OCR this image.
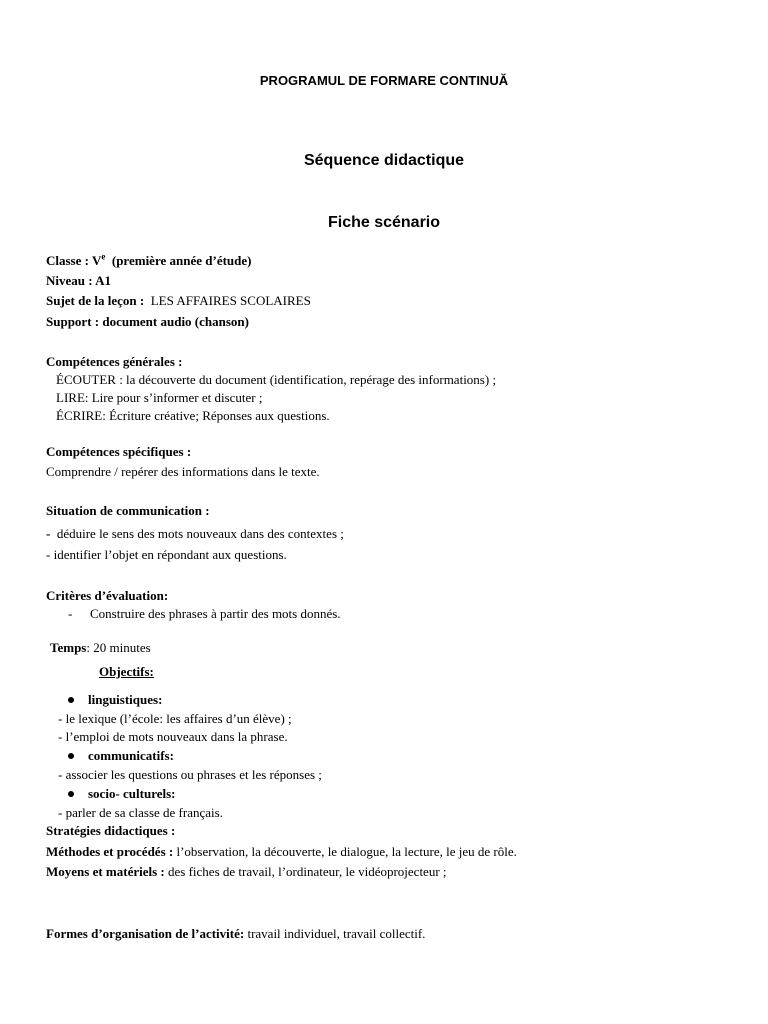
PROGRAMUL DE FORMARE CONTINUĂ
Séquence didactique
Fiche scénario
Classe : Ve  (première année d’étude)
Niveau : A1
Sujet de la leçon :  LES AFFAIRES SCOLAIRES
Support : document audio (chanson)
Compétences générales :
ÉCOUTER : la découverte du document (identification, repérage des informations) ;
LIRE: Lire pour s’informer et discuter ;
ÉCRIRE: Écriture créative; Réponses aux questions.
Compétences spécifiques :
Comprendre / repérer des informations dans le texte.
Situation de communication :
-  déduire le sens des mots nouveaux dans des contextes ;
- identifier l’objet en répondant aux questions.
Critères d’évaluation:
- Construire des phrases à partir des mots donnés.
Temps: 20 minutes
Objectifs:
linguistiques:
- le lexique (l’école: les affaires d’un élève) ;
- l’emploi de mots nouveaux dans la phrase.
communicatifs:
- associer les questions ou phrases et les réponses ;
socio- culturels:
- parler de sa classe de français.
Stratégies didactiques :
Méthodes et procédés : l’observation, la découverte, le dialogue, la lecture, le jeu de rôle.
Moyens et matériels : des fiches de travail, l’ordinateur, le vidéoprojecteur ;
Formes d’organisation de l’activité: travail individuel, travail collectif.
